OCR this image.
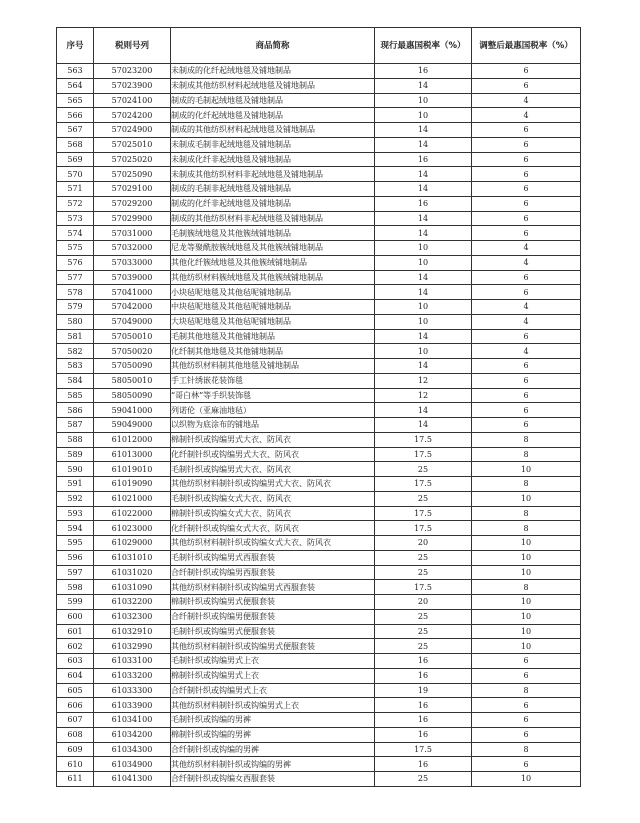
序号	税则号列	商品简称	现行最惠国税率（%）	调整后最惠国税率（%）
563	57023200	未制成的化纤起绒地毯及铺地制品	16	6
564	57023900	未制成其他纺织材料起绒地毯及铺地制品	14	6
565	57024100	制成的毛制起绒地毯及铺地制品	10	4
566	57024200	制成的化纤起绒地毯及铺地制品	10	4
567	57024900	制成的其他纺织材料起绒地毯及铺地制品	14	6
568	57025010	未制成毛制非起绒地毯及铺地制品	14	6
569	57025020	未制成化纤非起绒地毯及铺地制品	16	6
570	57025090	未制成其他纺织材料非起绒地毯及铺地制品	14	6
571	57029100	制成的毛制非起绒地毯及铺地制品	14	6
572	57029200	制成的化纤非起绒地毯及铺地制品	16	6
573	57029900	制成的其他纺织材料非起绒地毯及铺地制品	14	6
574	57031000	毛制簇绒地毯及其他簇绒铺地制品	14	6
575	57032000	尼龙等聚酰胺簇绒地毯及其他簇绒铺地制品	10	4
576	57033000	其他化纤簇绒地毯及其他簇绒铺地制品	10	4
577	57039000	其他纺织材料簇绒地毯及其他簇绒铺地制品	14	6
578	57041000	小块毡呢地毯及其他毡呢铺地制品	14	6
579	57042000	中块毡呢地毯及其他毡呢铺地制品	10	4
580	57049000	大块毡呢地毯及其他毡呢铺地制品	10	4
581	57050010	毛制其他地毯及其他铺地制品	14	6
582	57050020	化纤制其他地毯及其他铺地制品	10	4
583	57050090	其他纺织材料制其他地毯及铺地制品	14	6
584	58050010	手工针绣嵌花装饰毯	12	6
585	58050090	“哥白林”等手织装饰毯	12	6
586	59041000	列诺伦（亚麻油地毡）	14	6
587	59049000	以织物为底涂布的铺地品	14	6
588	61012000	棉制针织或钩编男式大衣、防风衣	17.5	8
589	61013000	化纤制针织或钩编男式大衣、防风衣	17.5	8
590	61019010	毛制针织或钩编男式大衣、防风衣	25	10
591	61019090	其他纺织材料制针织或钩编男式大衣、防风衣	17.5	8
592	61021000	毛制针织或钩编女式大衣、防风衣	25	10
593	61022000	棉制针织或钩编女式大衣、防风衣	17.5	8
594	61023000	化纤制针织或钩编女式大衣、防风衣	17.5	8
595	61029000	其他纺织材料制针织或钩编女式大衣、防风衣	20	10
596	61031010	毛制针织或钩编男式西服套装	25	10
597	61031020	合纤制针织或钩编男西服套装	25	10
598	61031090	其他纺织材料制针织或钩编男式西服套装	17.5	8
599	61032200	棉制针织或钩编男式便服套装	20	10
600	61032300	合纤制针织或钩编男便服套装	25	10
601	61032910	毛制针织或钩编男式便服套装	25	10
602	61032990	其他纺织材料制针织或钩编男式便服套装	25	10
603	61033100	毛制针织或钩编男式上衣	16	6
604	61033200	棉制针织或钩编男式上衣	16	6
605	61033300	合纤制针织或钩编男式上衣	19	8
606	61033900	其他纺织材料制针织或钩编男式上衣	16	6
607	61034100	毛制针织或钩编的男裤	16	6
608	61034200	棉制针织或钩编的男裤	16	6
609	61034300	合纤制针织或钩编的男裤	17.5	8
610	61034900	其他纺织材料制针织或钩编的男裤	16	6
611	61041300	合纤制针织或钩编女西服套装	25	10
